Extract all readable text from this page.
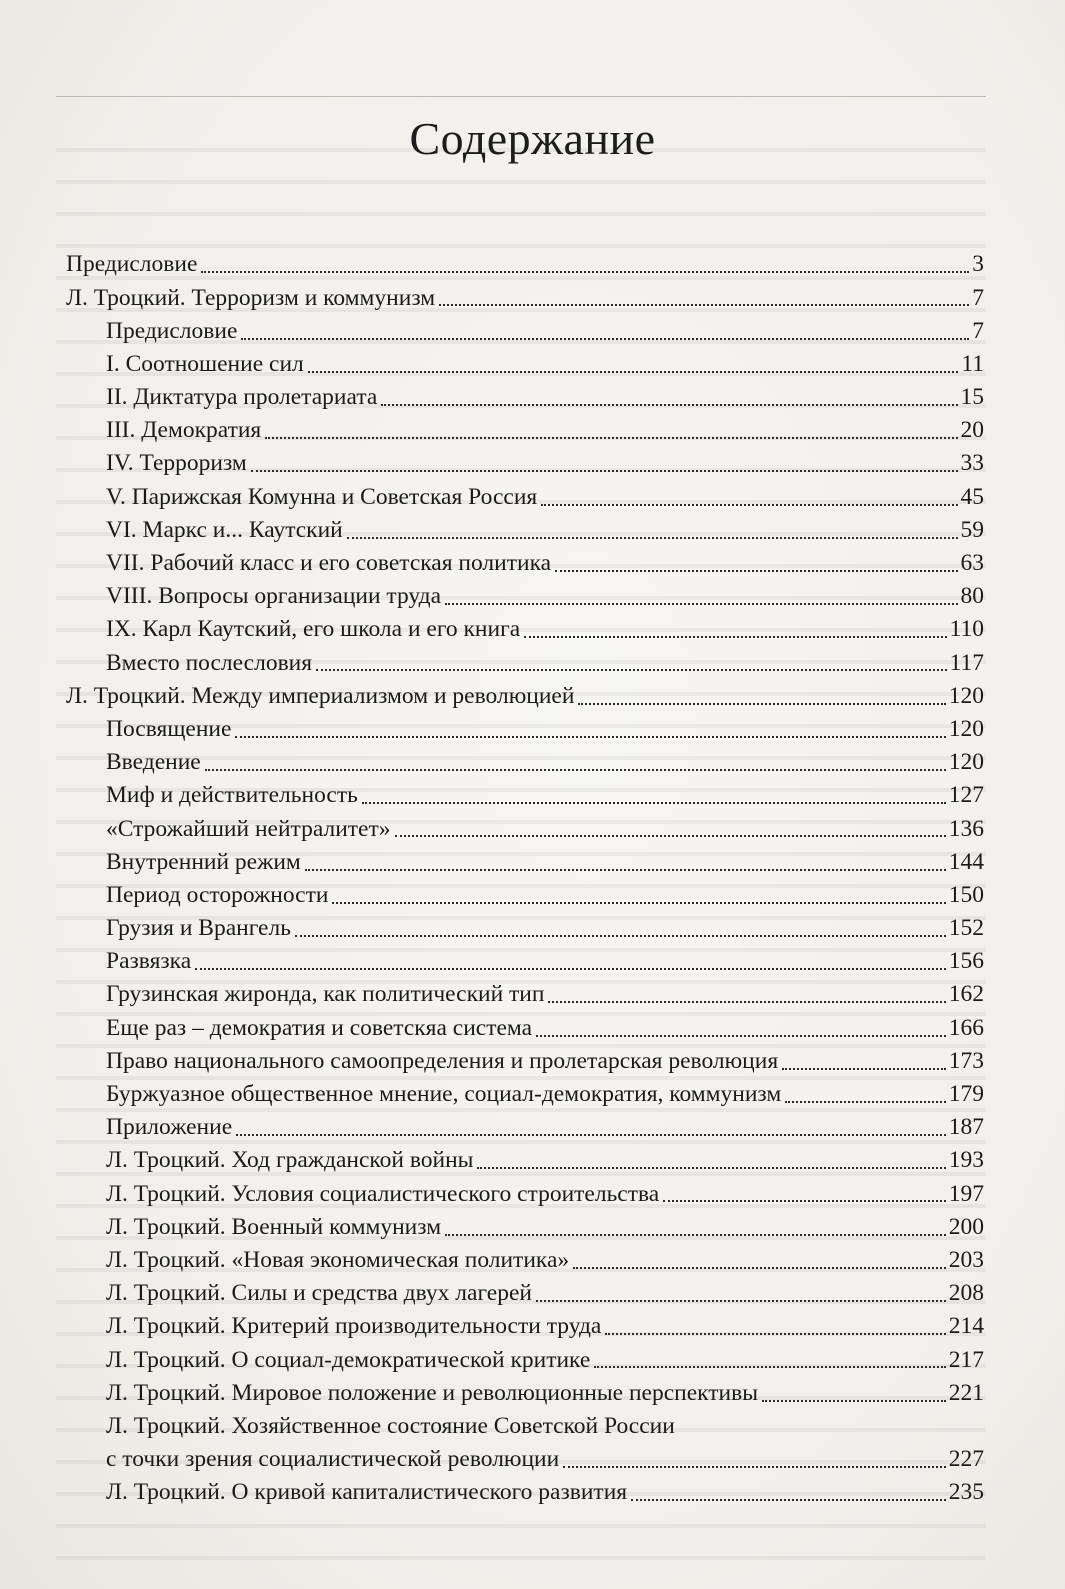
Содержание
Предисловие	3
Л. Троцкий. Терроризм и коммунизм	7
Предисловие	7
I. Соотношение сил	11
II. Диктатура пролетариата	15
III. Демократия	20
IV. Терроризм	33
V. Парижская Комунна и Советская Россия	45
VI. Маркс и... Каутский	59
VII. Рабочий класс и его советская политика	63
VIII. Вопросы организации труда	80
IX. Карл Каутский, его школа и его книга	110
Вместо послесловия	117
Л. Троцкий. Между империализмом и революцией	120
Посвящение	120
Введение	120
Миф и действительность	127
«Строжайший нейтралитет»	136
Внутренний режим	144
Период осторожности	150
Грузия и Врангель	152
Развязка	156
Грузинская жиронда, как политический тип	162
Еще раз – демократия и советскяа система	166
Право национального самоопределения и пролетарская революция	173
Буржуазное общественное мнение, социал-демократия, коммунизм	179
Приложение	187
Л. Троцкий. Ход гражданской войны	193
Л. Троцкий. Условия социалистического строительства	197
Л. Троцкий. Военный коммунизм	200
Л. Троцкий. «Новая экономическая политика»	203
Л. Троцкий. Силы и средства двух лагерей	208
Л. Троцкий. Критерий производительности труда	214
Л. Троцкий. О социал-демократической критике	217
Л. Троцкий. Мировое положение и революционные перспективы	221
Л. Троцкий. Хозяйственное состояние Советской России
с точки зрения социалистической революции	227
Л. Троцкий. О кривой капиталистического развития	235
